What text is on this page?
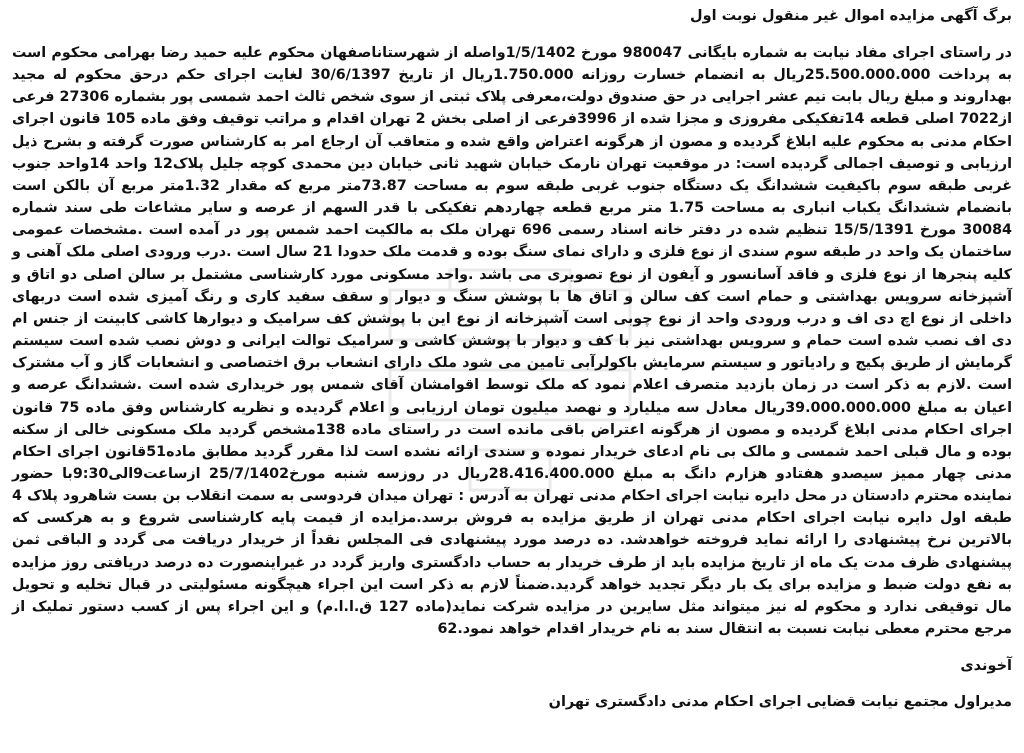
برگ آگهی مزایده اموال غیر منقول نوبت اول

در راستای اجرای مفاد نیابت به شماره بایگانی 980047 مورخ 1/5/1402واصله از شهرستاناصفهان محکوم علیه حمید رضا بهرامی محکوم است به پرداخت 25.500.000.000ریال به انضمام خسارت روزانه 1.750.000ریال از تاریخ 30/6/1397 لغایت اجرای حکم درحق محکوم له مجید بهداروند و مبلغ ریال بابت نیم عشر اجرایی در حق صندوق دولت،معرفی پلاک ثبتی از سوی شخص ثالث احمد شمسی پور بشماره 27306 فرعی از7022 اصلی قطعه 14تفکیکی مفروزی و مجزا شده از 3996فرعی از اصلی بخش 2 تهران اقدام و مراتب توقیف وفق ماده 105 قانون اجرای احکام مدنی به محکوم علیه ابلاغ گردیده و مصون از هرگونه اعتراض واقع شده و متعاقب آن ارجاع امر به کارشناس صورت گرفته و بشرح ذیل ارزیابی و توصیف اجمالی گردیده است: در موقعیت تهران نارمک خیابان شهید ثانی خیابان دین محمدی کوچه جلیل پلاک12 واحد 14واحد جنوب غربی طبقه سوم باکیفیت ششدانگ یک دستگاه جنوب غربی طبقه سوم به مساحت 73.87متر مربع که مقدار 1.32متر مربع آن بالکن است بانضمام ششدانگ یکباب انباری به مساحت 1.75 متر مربع قطعه چهاردهم تفکیکی با قدر السهم از عرصه و سایر مشاعات طی سند شماره 30084 مورخ 15/5/1391 تنظیم شده در دفتر خانه اسناد رسمی 696 تهران ملک به مالکیت احمد شمس پور در آمده است .مشخصات عمومی ساختمان یک واحد در طبقه سوم سندی از نوع فلزی و دارای نمای سنگ بوده و قدمت ملک حدودا 21 سال است .درب ورودی اصلی ملک آهنی و کلیه پنجرها از نوع فلزی و فاقد آسانسور و آیفون از نوع تصویری می باشد .واحد مسکونی مورد کارشناسی مشتمل بر سالن اصلی دو اتاق و آشپزخانه سرویس بهداشتی و حمام است کف سالن و اتاق ها با پوشش سنگ و دیوار و سقف سفید کاری و رنگ آمیزی شده است دربهای داخلی از نوع اچ دی اف و درب ورودی واحد از نوع چوبی است آشپزخانه از نوع این با پوشش کف سرامیک و دیوارها کاشی کابینت از جنس ام دی اف نصب شده است حمام و سرویس بهداشتی نیز با کف و دیوار با پوشش کاشی و سرامیک توالت ایرانی و دوش نصب شده است سیستم گرمایش از طریق پکیج و رادیاتور و سیستم سرمایش باکولرآبی تامین می شود ملک دارای انشعاب برق اختصاصی و انشعابات گاز و آب مشترک است .لازم به ذکر است در زمان بازدید متصرف اعلام نمود که ملک توسط اقوامشان آقای شمس پور خریداری شده است .ششدانگ عرصه و اعیان به مبلغ 39.000.000.000ریال معادل سه میلیارد و نهصد میلیون تومان ارزیابی و اعلام گردیده و نظریه کارشناس وفق ماده 75 قانون اجرای احکام مدنی ابلاغ گردیده و مصون از هرگونه اعتراض باقی مانده است در راستای ماده 138مشخص گردید ملک مسکونی خالی از سکنه بوده و مال قبلی احمد شمسی و مالک بی نام ادعای خریدار نموده و سندی ارائه نشده است لذا مقرر گردید مطابق ماده51قانون اجرای احکام مدنی چهار ممیز سیصدو هفتادو هزارم دانگ به مبلغ 28.416.400.000ریال در روزسه شنبه مورخ25/7/1402 ازساعت9الی9:30با حضور نماینده محترم دادستان در محل دایره نیابت اجرای احکام مدنی تهران به آدرس : تهران میدان فردوسی به سمت انقلاب بن بست شاهرود پلاک 4 طبقه اول دایره نیابت اجرای احکام مدنی تهران از طریق مزایده به فروش برسد.مزایده از قیمت پایه کارشناسی شروع و به هرکسی که بالاترین نرخ پیشنهادی را ارائه نماید فروخته خواهدشد. ده درصد مورد پیشنهادی فی المجلس نقداً از خریدار دریافت می گردد و الباقی ثمن پیشنهادی ظرف مدت یک ماه از تاریخ مزایده باید از طرف خریدار به حساب دادگستری واریز گردد در غیراینصورت ده درصد دریافتی روز مزایده به نفع دولت ضبط و مزایده برای یک بار دیگر تجدید خواهد گردید.ضمناً لازم به ذکر است این اجراء هیچگونه مسئولیتی در قبال تخلیه و تحویل مال توقیفی ندارد و محکوم له نیز میتواند مثل سایرین در مزایده شرکت نماید(ماده 127 ق.ا.ا.م) و این اجراء پس از کسب دستور تملیک از مرجع محترم معطی نیابت نسبت به انتقال سند به نام خریدار اقدام خواهد نمود.62

آخوندی
مدیراول مجتمع نیابت قضایی اجرای احکام مدنی دادگستری تهران
